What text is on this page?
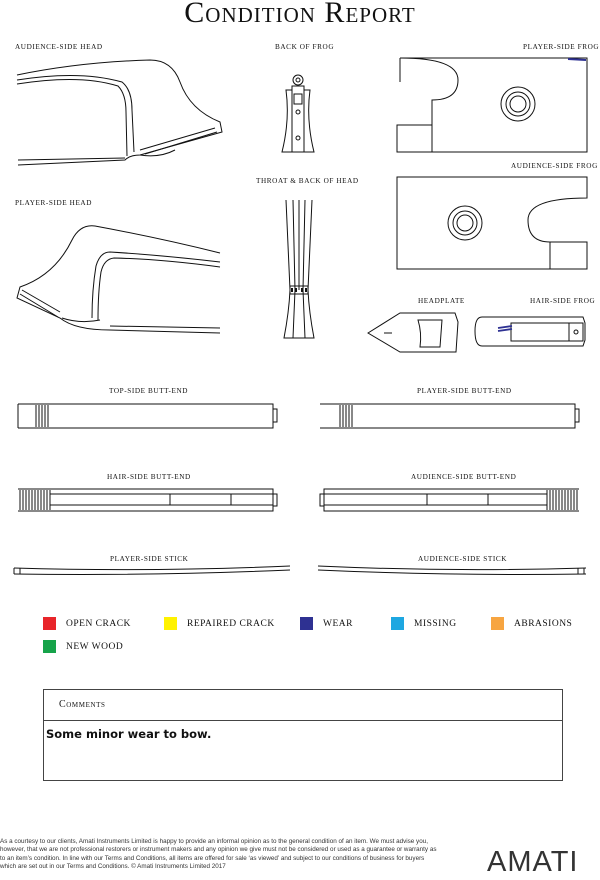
Condition Report
AUDIENCE-SIDE HEAD	BACK OF FROG	PLAYER-SIDE FROG
AUDIENCE-SIDE FROG
THROAT & BACK OF HEAD
PLAYER-SIDE HEAD
HEADPLATE	HAIR-SIDE FROG
TOP-SIDE BUTT-END	PLAYER-SIDE BUTT-END
HAIR-SIDE BUTT-END	AUDIENCE-SIDE BUTT-END
PLAYER-SIDE STICK	AUDIENCE-SIDE STICK
OPEN CRACK	REPAIRED CRACK	WEAR	MISSING	ABRASIONS
NEW WOOD
Comments
Some minor wear to bow.
As a courtesy to our clients, Amati Instruments Limited is happy to provide an informal opinion as to the general condition of an item. We must advise you, however, that we are not professional restorers or instrument makers and any opinion we give must not be considered or used as a guarantee or warranty as to an item’s condition. In line with our Terms and Conditions, all items are offered for sale ‘as viewed’ and subject to our conditions of business for buyers which are set out in our Terms and Conditions. © Amati Instruments Limited 2017	AMATI
